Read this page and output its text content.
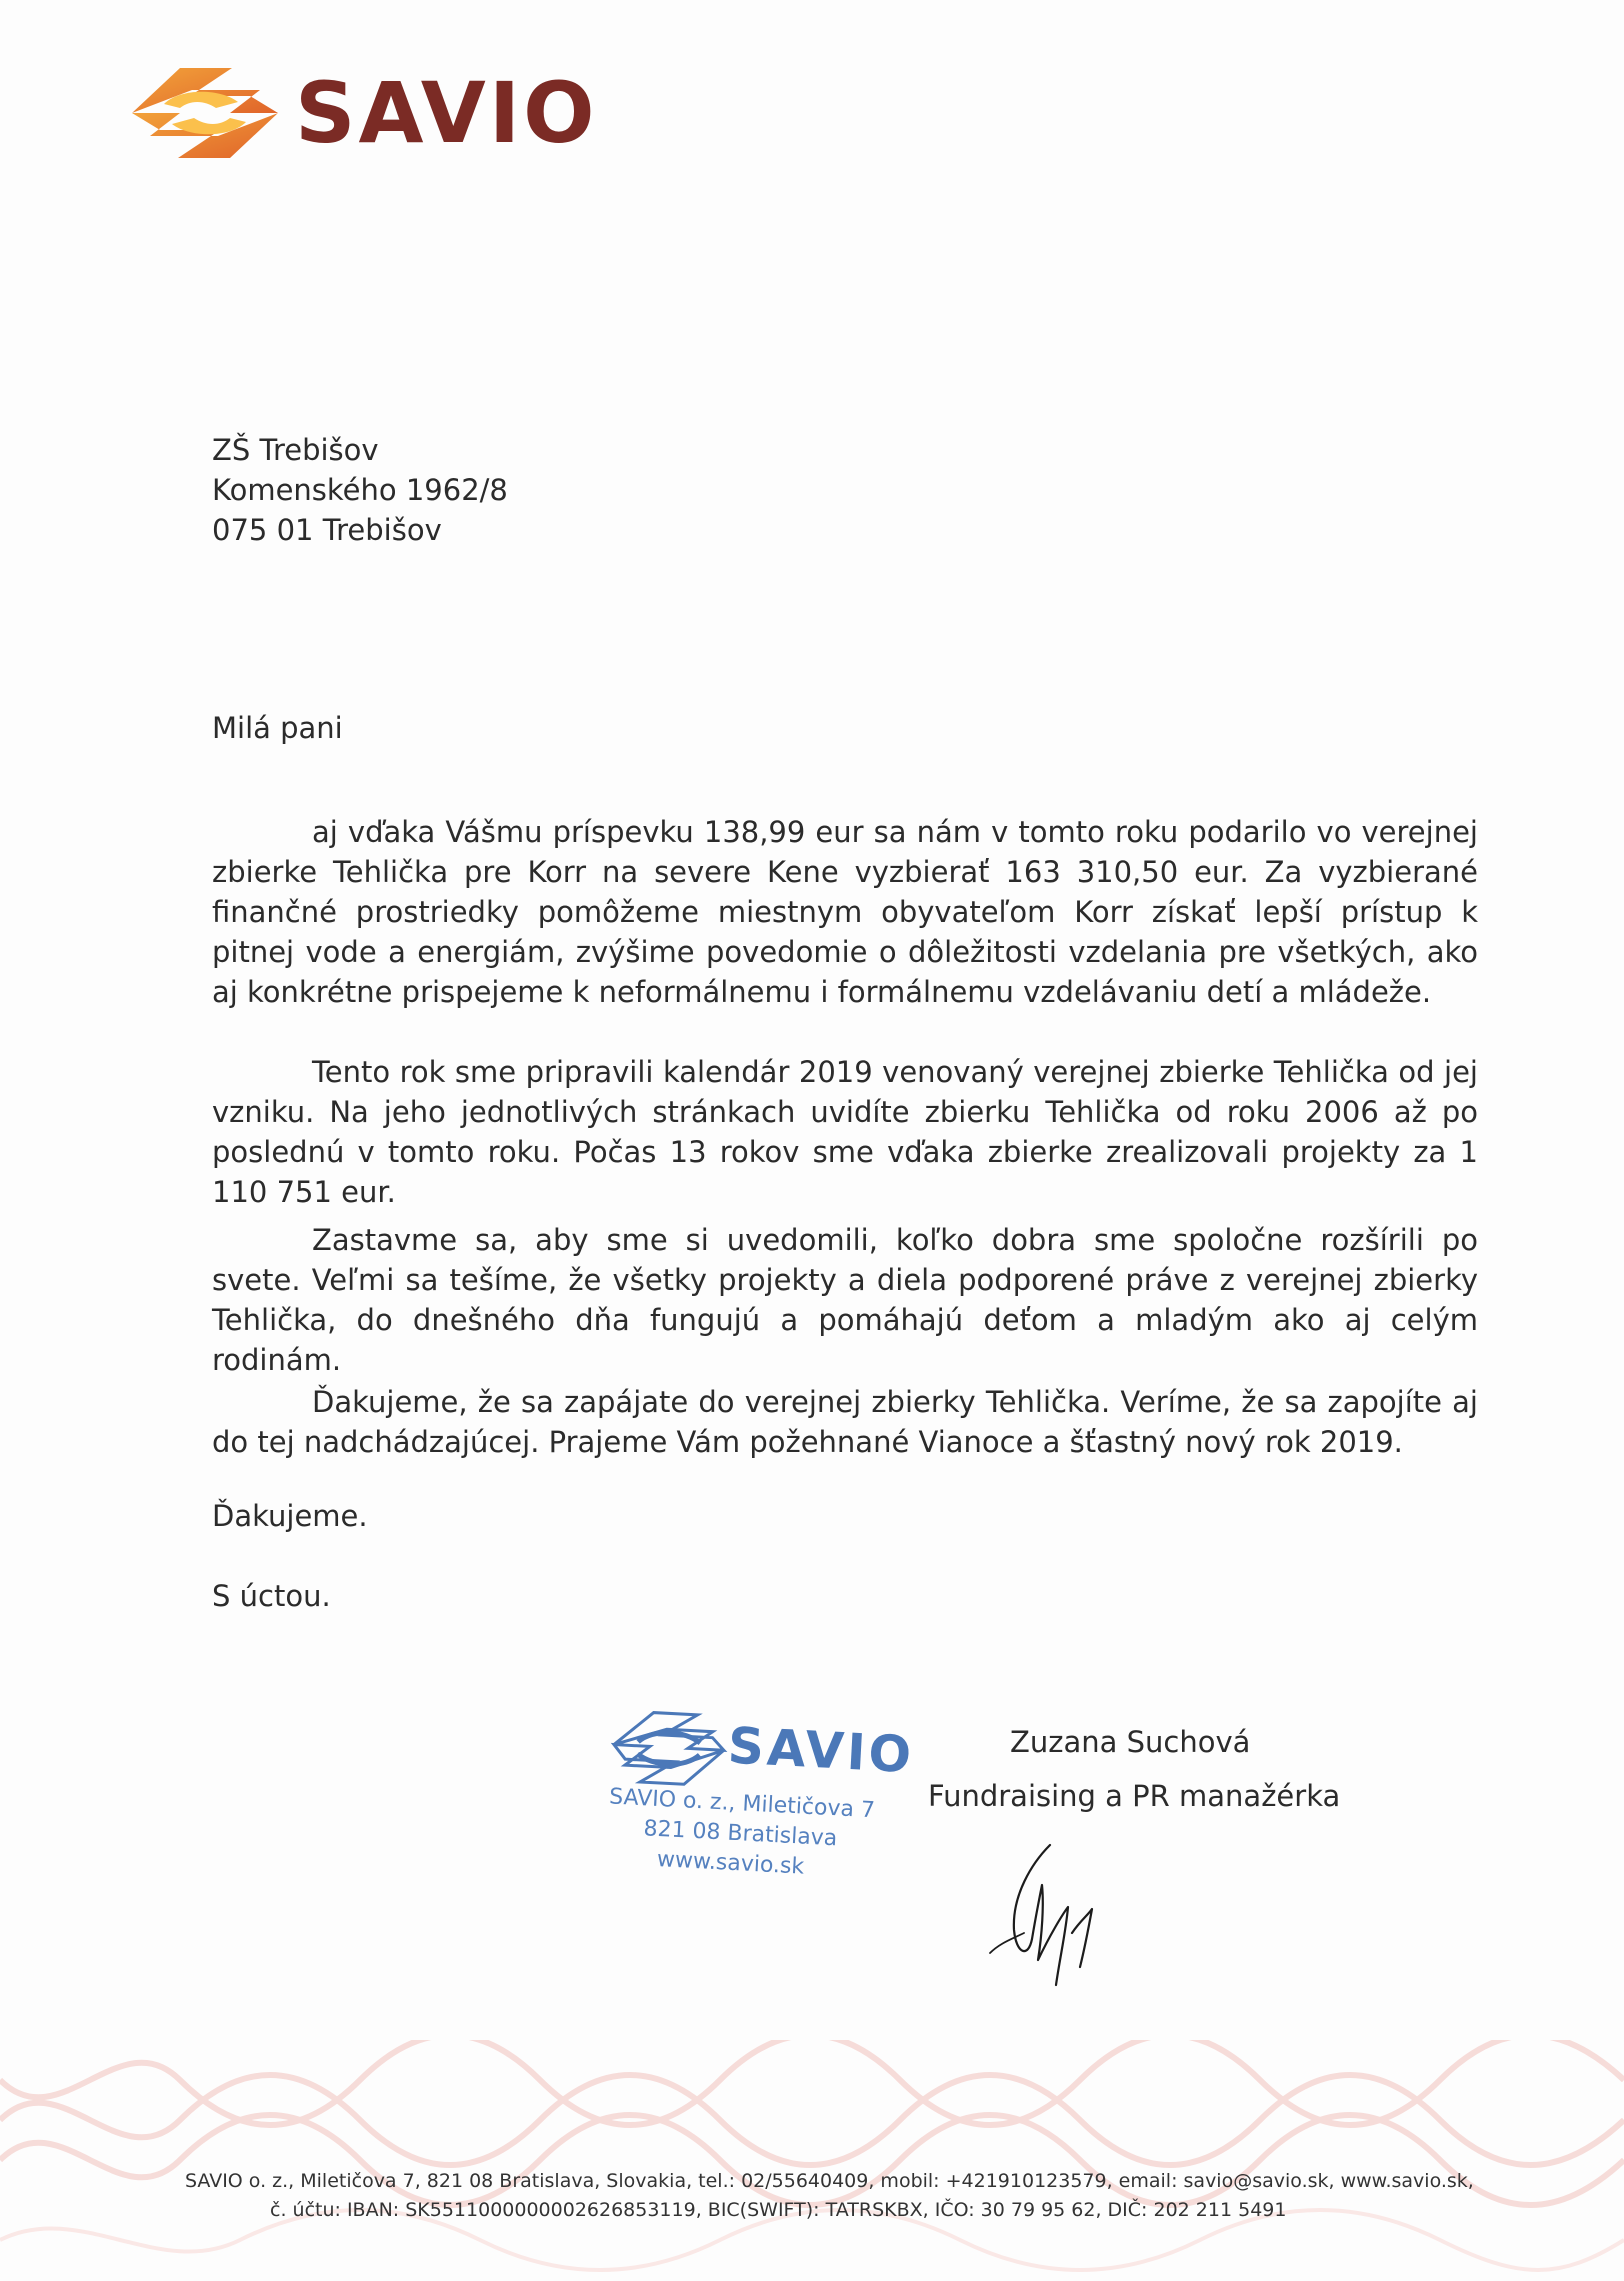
SAVIO
ZŠ Trebišov
Komenského 1962/8
075 01 Trebišov
Milá pani
aj vďaka Vášmu príspevku 138,99 eur sa nám v tomto roku podarilo vo verejnej zbierke Tehlička pre Korr na severe Kene vyzbierať 163 310,50 eur. Za vyzbierané finančné prostriedky pomôžeme miestnym obyvateľom Korr získať lepší prístup k pitnej vode a energiám, zvýšime povedomie o dôležitosti vzdelania pre všetkých, ako aj konkrétne prispejeme k neformálnemu i formálnemu vzdelávaniu detí a mládeže.
Tento rok sme pripravili kalendár 2019 venovaný verejnej zbierke Tehlička od jej vzniku. Na jeho jednotlivých stránkach uvidíte zbierku Tehlička od roku 2006 až po poslednú v tomto roku. Počas 13 rokov sme vďaka zbierke zrealizovali projekty za 1 110 751 eur.
Zastavme sa, aby sme si uvedomili, koľko dobra sme spoločne rozšírili po svete. Veľmi sa tešíme, že všetky projekty a diela podporené práve z verejnej zbierky Tehlička, do dnešného dňa fungujú a pomáhajú deťom a mladým ako aj celým rodinám.
Ďakujeme, že sa zapájate do verejnej zbierky Tehlička. Veríme, že sa zapojíte aj do tej nadchádzajúcej. Prajeme Vám požehnané Vianoce a šťastný nový rok 2019.
Ďakujeme.
S úctou.
SAVIO
SAVIO o. z., Miletičova 7
821 08 Bratislava
www.savio.sk
Zuzana Suchová
Fundraising a PR manažérka
SAVIO o. z., Miletičova 7, 821 08 Bratislava, Slovakia, tel.: 02/55640409, mobil: +421910123579, email: savio@savio.sk, www.savio.sk,
č. účtu: IBAN: SK5511000000002626853119, BIC(SWIFT): TATRSKBX, IČO: 30 79 95 62, DIČ: 202 211 5491
